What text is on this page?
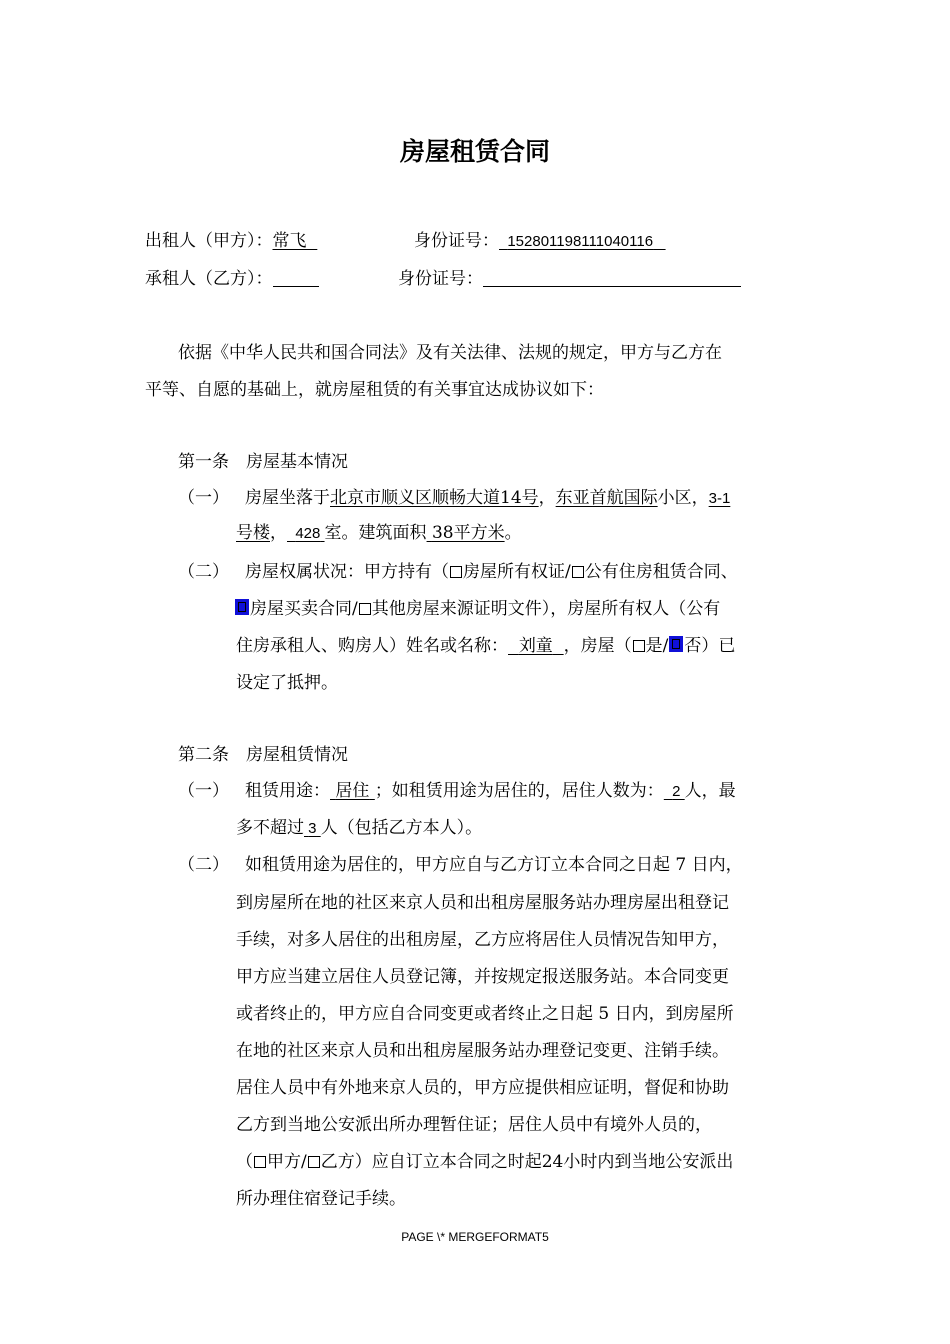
房屋租赁合同
出租人（甲方）：常飞	身份证号： 152801198111040116
承租人（乙方）：	身份证号：
依据《中华人民共和国合同法》及有关法律、法规的规定，甲方与乙方在
平等、自愿的基础上，就房屋租赁的有关事宜达成协议如下：
第一条　房屋基本情况
（一） 房屋坐落于北京市顺义区顺畅大道14号，东亚首航国际小区，3-1
号楼， 428 室。建筑面积 38平方米。
（二） 房屋权属状况：甲方持有（ 房屋所有权证/ 公有住房租赁合同、
房屋买卖合同/ 其他房屋来源证明文件），房屋所有权人（公有
住房承租人、购房人）姓名或名称： 刘童 ，房屋（ 是/ 否）已
设定了抵押。
第二条　房屋租赁情况
（一） 租赁用途： 居住 ；如租赁用途为居住的，居住人数为： 2 人，最
多不超过 3 人（包括乙方本人）。
（二） 如租赁用途为居住的，甲方应自与乙方订立本合同之日起 7 日内，
到房屋所在地的社区来京人员和出租房屋服务站办理房屋出租登记
手续，对多人居住的出租房屋，乙方应将居住人员情况告知甲方，
甲方应当建立居住人员登记簿，并按规定报送服务站。本合同变更
或者终止的，甲方应自合同变更或者终止之日起 5 日内，到房屋所
在地的社区来京人员和出租房屋服务站办理登记变更、注销手续。
居住人员中有外地来京人员的，甲方应提供相应证明，督促和协助
乙方到当地公安派出所办理暂住证；居住人员中有境外人员的，
（ 甲方/ 乙方）应自订立本合同之时起24小时内到当地公安派出
所办理住宿登记手续。
PAGE \* MERGEFORMAT5
